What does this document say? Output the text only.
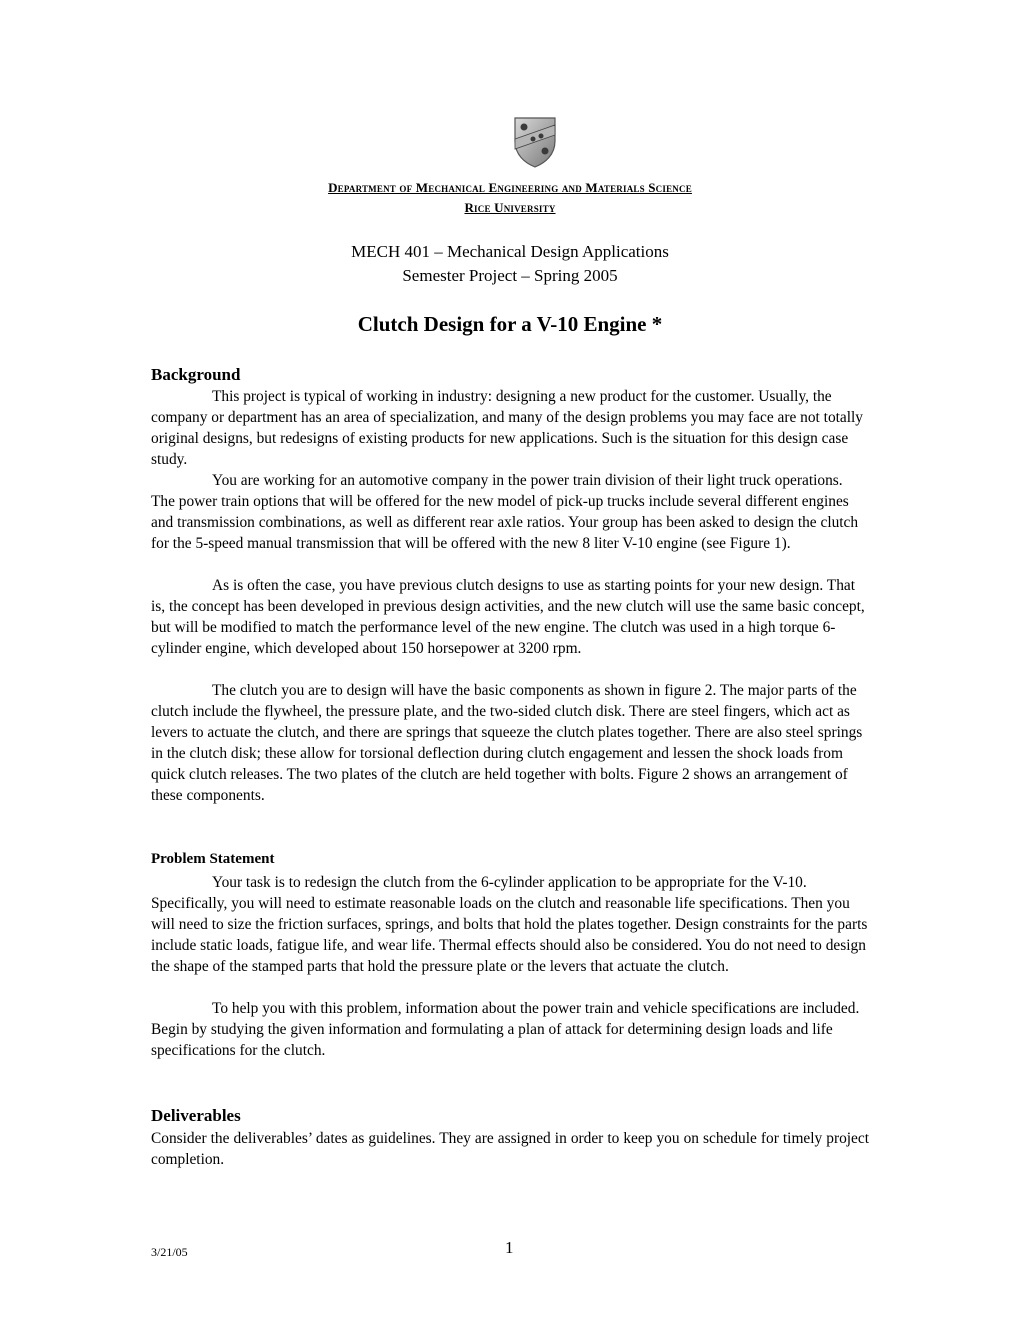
Department of Mechanical Engineering and Materials Science
Rice University
MECH 401 – Mechanical Design Applications
Semester Project – Spring 2005
Clutch Design for a V-10 Engine *
Background

This project is typical of working in industry: designing a new product for the customer. Usually, the company or department has an area of specialization, and many of the design problems you may face are not totally original designs, but redesigns of existing products for new applications. Such is the situation for this design case study.

You are working for an automotive company in the power train division of their light truck operations. The power train options that will be offered for the new model of pick-up trucks include several different engines and transmission combinations, as well as different rear axle ratios. Your group has been asked to design the clutch for the 5-speed manual transmission that will be offered with the new 8 liter V-10 engine (see Figure 1).

As is often the case, you have previous clutch designs to use as starting points for your new design. That is, the concept has been developed in previous design activities, and the new clutch will use the same basic concept, but will be modified to match the performance level of the new engine. The clutch was used in a high torque 6-cylinder engine, which developed about 150 horsepower at 3200 rpm.

The clutch you are to design will have the basic components as shown in figure 2. The major parts of the clutch include the flywheel, the pressure plate, and the two-sided clutch disk. There are steel fingers, which act as levers to actuate the clutch, and there are springs that squeeze the clutch plates together. There are also steel springs in the clutch disk; these allow for torsional deflection during clutch engagement and lessen the shock loads from quick clutch releases. The two plates of the clutch are held together with bolts. Figure 2 shows an arrangement of these components.

Problem Statement

Your task is to redesign the clutch from the 6-cylinder application to be appropriate for the V-10. Specifically, you will need to estimate reasonable loads on the clutch and reasonable life specifications. Then you will need to size the friction surfaces, springs, and bolts that hold the plates together. Design constraints for the parts include static loads, fatigue life, and wear life. Thermal effects should also be considered. You do not need to design the shape of the stamped parts that hold the pressure plate or the levers that actuate the clutch.

To help you with this problem, information about the power train and vehicle specifications are included. Begin by studying the given information and formulating a plan of attack for determining design loads and life specifications for the clutch.

Deliverables

Consider the deliverables’ dates as guidelines. They are assigned in order to keep you on schedule for timely project completion.

3/21/05	1
